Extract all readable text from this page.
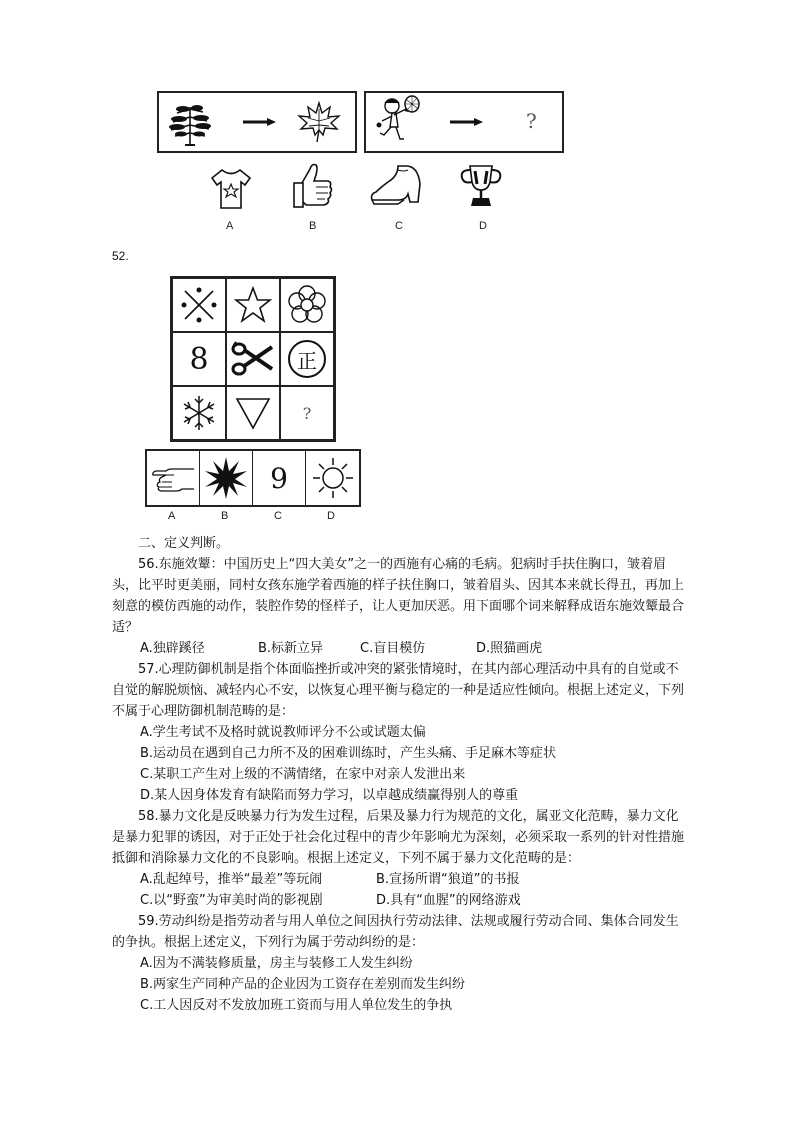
?
A	B	C	D
52.
8	正
?
9
A	B	C	D

二、定义判断。

56.东施效颦：中国历史上“四大美女”之一的西施有心痛的毛病。犯病时手扶住胸口，皱着眉头，比平时更美丽，同村女孩东施学着西施的样子扶住胸口，皱着眉头、因其本来就长得丑，再加上刻意的模仿西施的动作，装腔作势的怪样子，让人更加厌恶。用下面哪个词来解释成语东施效颦最合适？

A.独辟蹊径	B.标新立异	C.盲目模仿	D.照猫画虎

57.心理防御机制是指个体面临挫折或冲突的紧张情境时，在其内部心理活动中具有的自觉或不自觉的解脱烦恼、减轻内心不安，以恢复心理平衡与稳定的一种是适应性倾向。根据上述定义，下列不属于心理防御机制范畴的是：

A.学生考试不及格时就说教师评分不公或试题太偏

B.运动员在遇到自己力所不及的困难训练时，产生头痛、手足麻木等症状

C.某职工产生对上级的不满情绪，在家中对亲人发泄出来

D.某人因身体发育有缺陷而努力学习，以卓越成绩赢得别人的尊重

58.暴力文化是反映暴力行为发生过程，后果及暴力行为规范的文化，属亚文化范畴，暴力文化是暴力犯罪的诱因，对于正处于社会化过程中的青少年影响尤为深刻，必须采取一系列的针对性措施抵御和消除暴力文化的不良影响。根据上述定义，下列不属于暴力文化范畴的是：

A.乱起绰号，推举“最差”等玩闹	B.宣扬所谓“狼道”的书报
C.以“野蛮”为审美时尚的影视剧	D.具有“血腥”的网络游戏

59.劳动纠纷是指劳动者与用人单位之间因执行劳动法律、法规或履行劳动合同、集体合同发生的争执。根据上述定义，下列行为属于劳动纠纷的是：

A.因为不满装修质量，房主与装修工人发生纠纷

B.两家生产同种产品的企业因为工资存在差别而发生纠纷

C.工人因反对不发放加班工资而与用人单位发生的争执
